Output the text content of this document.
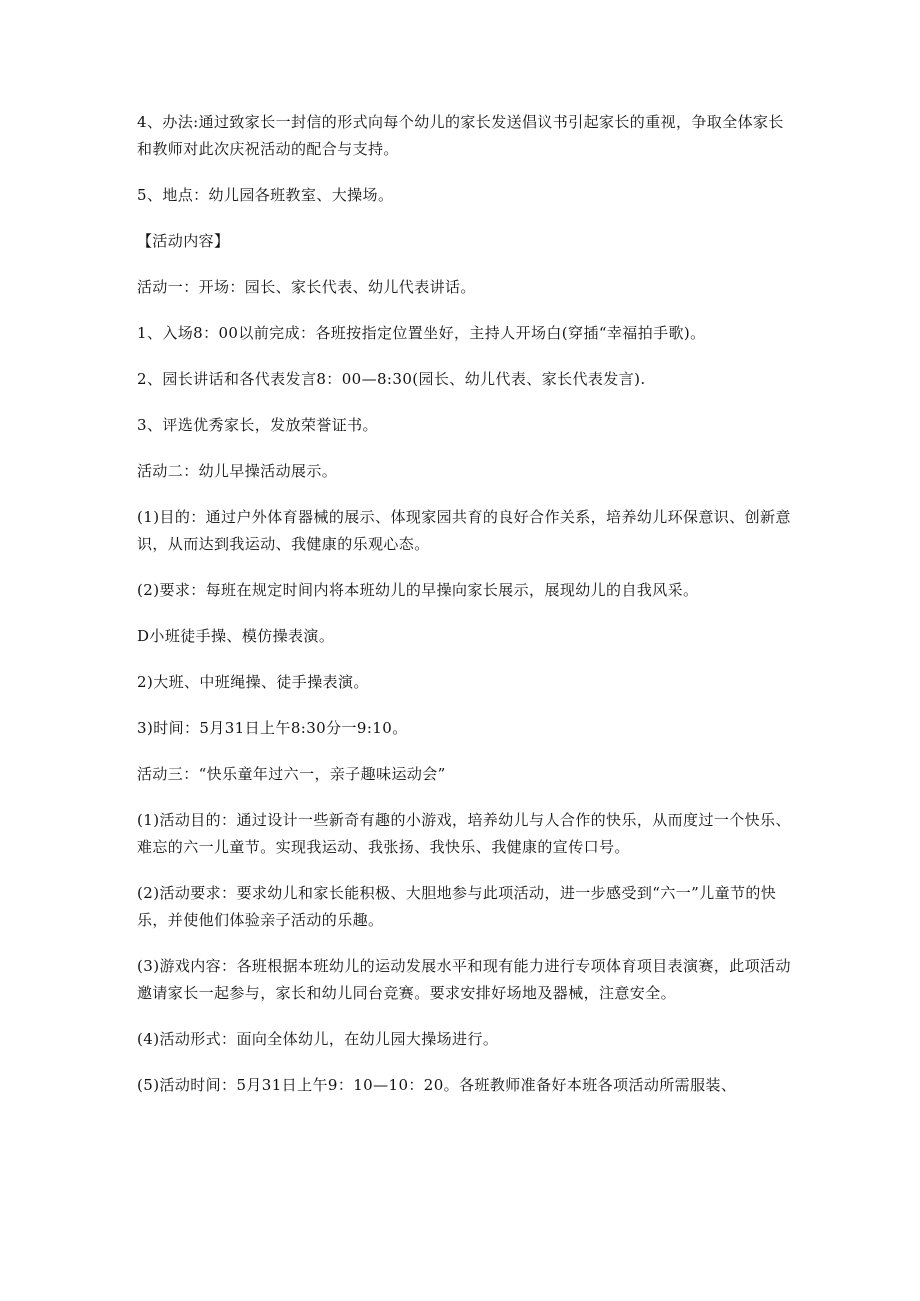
4、办法:通过致家长一封信的形式向每个幼儿的家长发送倡议书引起家长的重视，争取全体家长和教师对此次庆祝活动的配合与支持。

5、地点：幼儿园各班教室、大操场。

【活动内容】

活动一：开场：园长、家长代表、幼儿代表讲话。

1、入场8：00以前完成：各班按指定位置坐好，主持人开场白(穿插“幸福拍手歌)。

2、园长讲话和各代表发言8：00—8:30(园长、幼儿代表、家长代表发言).

3、评选优秀家长，发放荣誉证书。

活动二：幼儿早操活动展示。

(1)目的：通过户外体育器械的展示、体现家园共育的良好合作关系，培养幼儿环保意识、创新意识，从而达到我运动、我健康的乐观心态。

(2)要求：每班在规定时间内将本班幼儿的早操向家长展示，展现幼儿的自我风采。

D小班徒手操、模仿操表演。

2)大班、中班绳操、徒手操表演。

3)时间：5月31日上午8:30分一9:10。

活动三：“快乐童年过六一，亲子趣味运动会”

(1)活动目的：通过设计一些新奇有趣的小游戏，培养幼儿与人合作的快乐，从而度过一个快乐、难忘的六一儿童节。实现我运动、我张扬、我快乐、我健康的宣传口号。

(2)活动要求：要求幼儿和家长能积极、大胆地参与此项活动，进一步感受到“六一”儿童节的快乐，并使他们体验亲子活动的乐趣。

(3)游戏内容：各班根据本班幼儿的运动发展水平和现有能力进行专项体育项目表演赛，此项活动邀请家长一起参与，家长和幼儿同台竞赛。要求安排好场地及器械，注意安全。

(4)活动形式：面向全体幼儿，在幼儿园大操场进行。

(5)活动时间：5月31日上午9：10—10：20。各班教师准备好本班各项活动所需服装、
